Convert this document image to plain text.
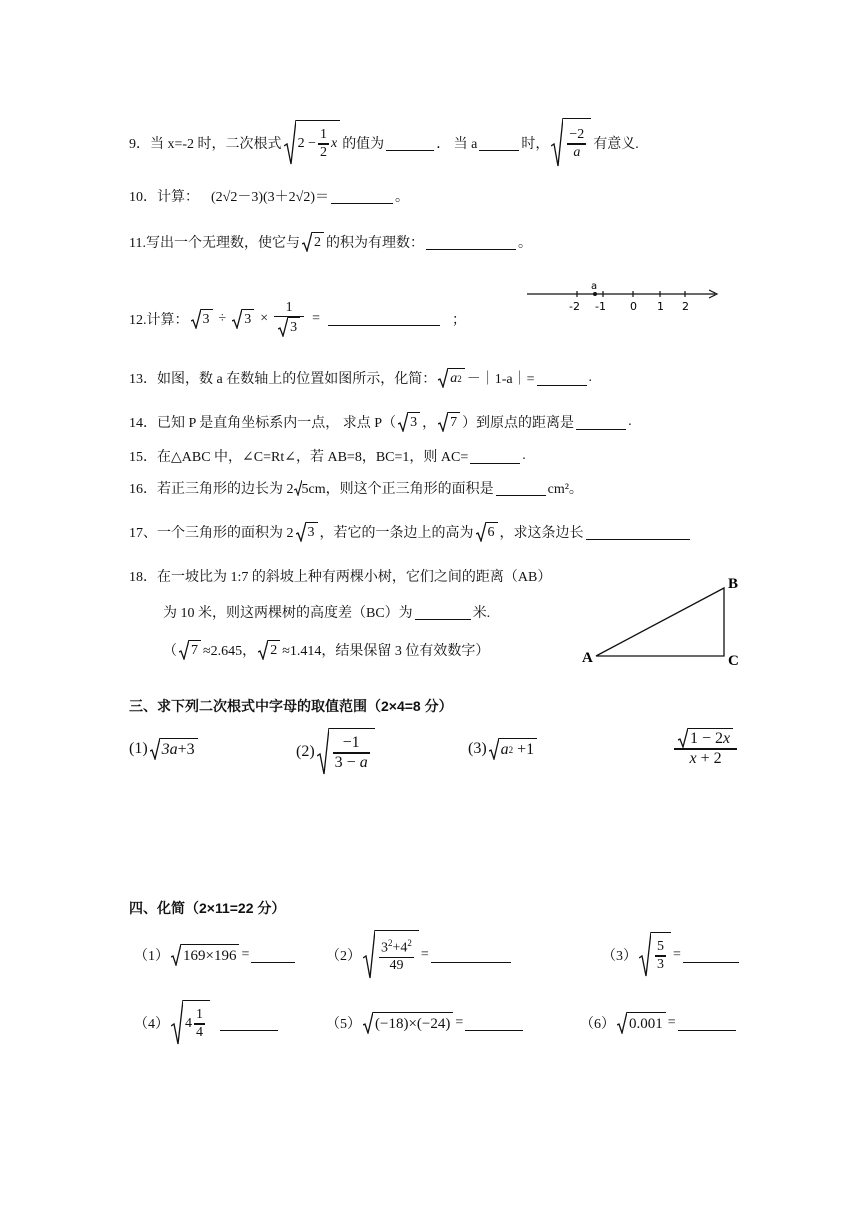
9．当 x=-2 时，二次根式 $2 - \frac{1}{2}$ x 的值为	． 当 a	时， $\frac{-2}{a}$ 有意义.
10．计算： (2√2－3)(3＋2√2)＝	。
11.写出一个无理数，使它与 2 的积为有理数：	。
-2 -1 0 1 2
a
12.计算： $3 \div 3 \times \frac{1}{3}$ =	；
13．如图，数 a 在数轴上的位置如图所示，化简： a 2 －｜1-a｜=	.
14．已知 P 是直角坐标系内一点， 求点 P（ 3 ， 7 ）到原点的距离是	.
15．在△ABC 中，∠C=Rt∠，若 AB=8，BC=1，则 AC=	.
16．若正三角形的边长为 2 5cm，则这个正三角形的面积是	cm²。
17、一个三角形的面积为 2 3 ，若它的一条边上的高为 6 ，求这条边长
18．在一坡比为 1:7 的斜坡上种有两棵小树，它们之间的距离（AB）
为 10 米，则这两棵树的高度差（BC）为	米.
（ 7 ≈2.645， 2 ≈1.414，结果保留 3 位有效数字）	A
B
C
三、求下列二次根式中字母的取值范围（2×4=8 分）
(1) 3 a +3	$(2) \frac{-1}{3 - a}$	(3) a 2 +1	$\frac{1 - 2 x}{x + 2}$
四、化简（2×11=22 分）
（1） 169×196 =	$(2) \frac{3^2+4^2}{49}$ =	$(3) \frac{5}{3}$ =
（4） $4 \frac{1}{4}$	（5） (−18)×(−24) =	（6） 0.001 =
